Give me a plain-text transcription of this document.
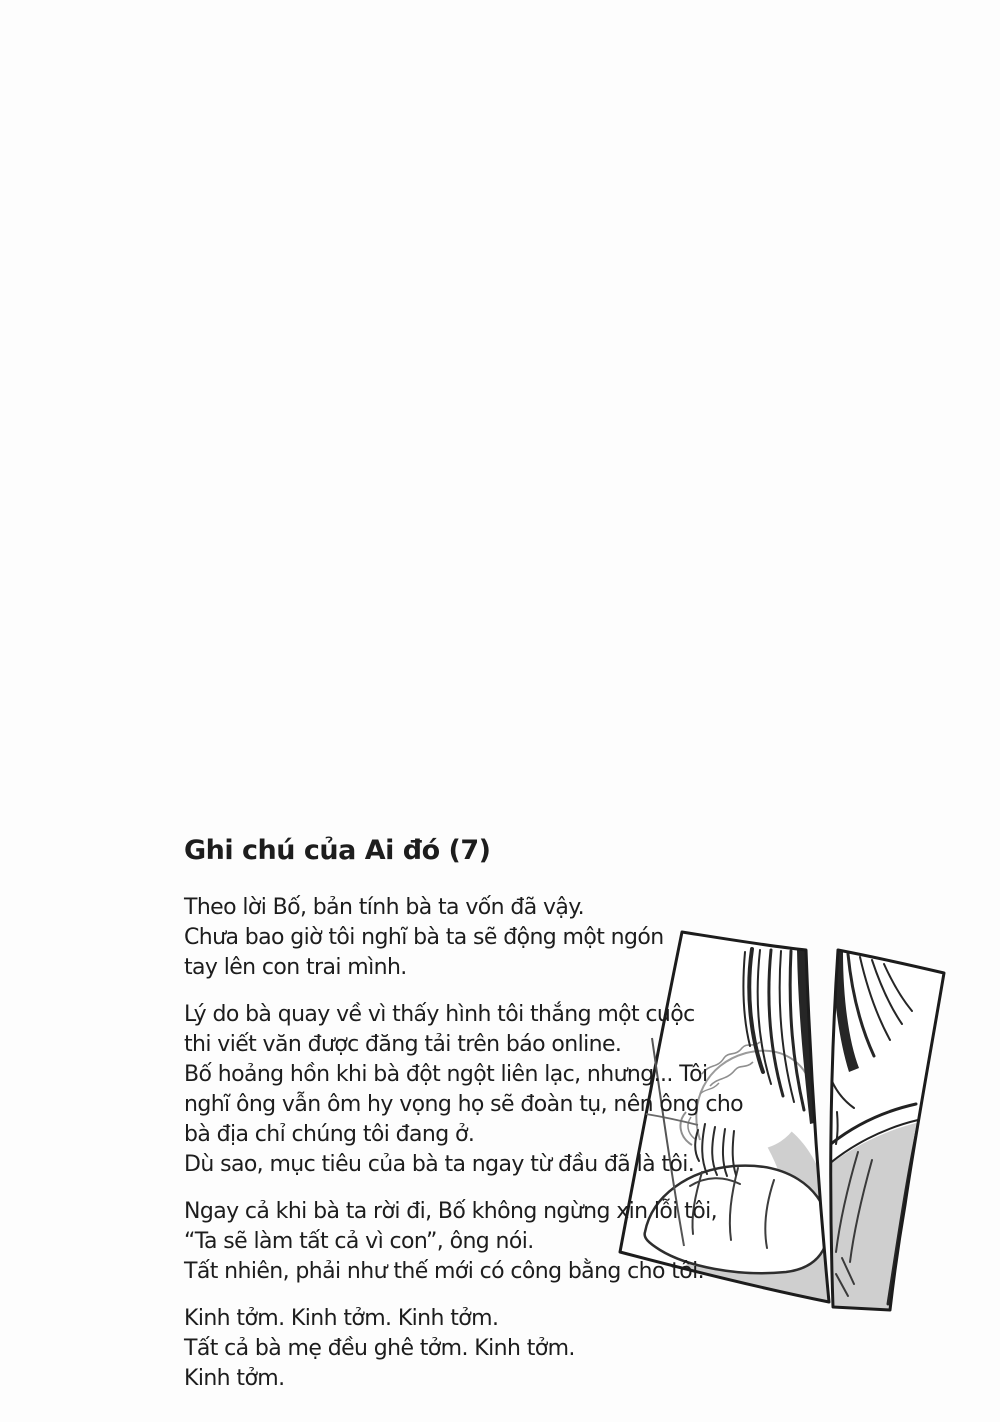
Ghi chú của Ai đó (7)
Theo lời Bố, bản tính bà ta vốn đã vậy.
Chưa bao giờ tôi nghĩ bà ta sẽ động một ngón
tay lên con trai mình.
Lý do bà quay về vì thấy hình tôi thắng một cuộc
thi viết văn được đăng tải trên báo online.
Bố hoảng hồn khi bà đột ngột liên lạc, nhưng... Tôi
nghĩ ông vẫn ôm hy vọng họ sẽ đoàn tụ, nên ông cho
bà địa chỉ chúng tôi đang ở.
Dù sao, mục tiêu của bà ta ngay từ đầu đã là tôi.
Ngay cả khi bà ta rời đi, Bố không ngừng xin lỗi tôi,
“Ta sẽ làm tất cả vì con”, ông nói.
Tất nhiên, phải như thế mới có công bằng cho tôi.
Kinh tởm. Kinh tởm. Kinh tởm.
Tất cả bà mẹ đều ghê tởm. Kinh tởm.
Kinh tởm.
